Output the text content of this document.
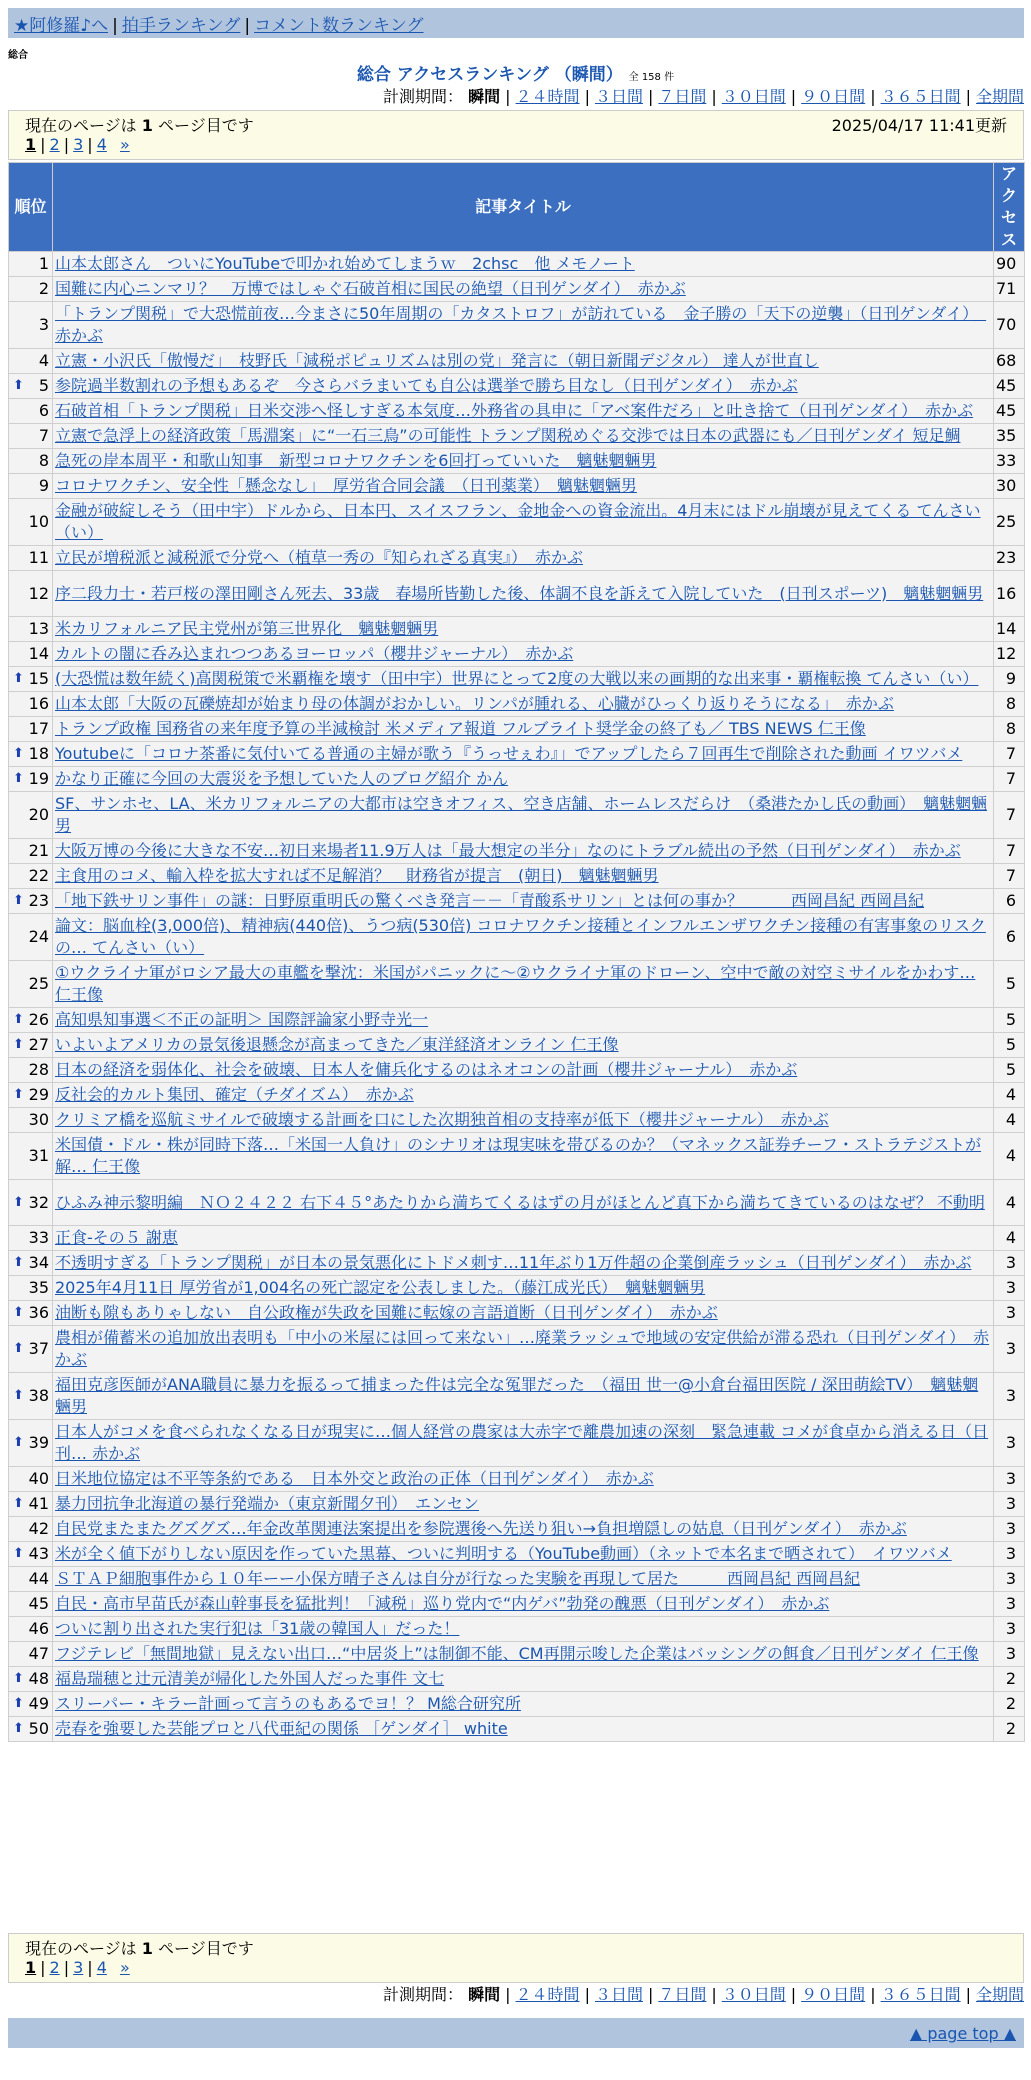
★阿修羅♪へ | 拍手ランキング | コメント数ランキング
総合
総合 アクセスランキング （瞬間） 全 158 件
計測期間： 瞬間 | ２４時間 | ３日間 | ７日間 | ３０日間 | ９０日間 | ３６５日間 | 全期間
現在のページは 1 ページ目です	2025/04/17 11:41更新
1 | 2 | 3 | 4 »
順位	記事タイトル	アクセス
1	山本太郎さん　ついにYouTubeで叩かれ始めてしまうｗ　2chsc　他 メモノート	90
2	国難に内心ニンマリ？　万博ではしゃぐ石破首相に国民の絶望（日刊ゲンダイ）　赤かぶ	71
3	「トランプ関税」で大恐慌前夜…今まさに50年周期の「カタストロフ」が訪れている　金子勝の「天下の逆襲」（日刊ゲンダイ）　赤かぶ	70
4	立憲・小沢氏「傲慢だ」　枝野氏「減税ポピュリズムは別の党」発言に（朝日新聞デジタル） 達人が世直し	68

⬆ 5	参院過半数割れの予想もあるぞ　今さらバラまいても自公は選挙で勝ち目なし（日刊ゲンダイ）　赤かぶ	45
6	石破首相「トランプ関税」日米交渉へ怪しすぎる本気度…外務省の具申に「アベ案件だろ」と吐き捨て（日刊ゲンダイ）　赤かぶ	45
7	立憲で急浮上の経済政策「馬淵案」に“一石三鳥”の可能性 トランプ関税めぐる交渉では日本の武器にも／日刊ゲンダイ 短足鯛	35
8	急死の岸本周平・和歌山知事　新型コロナワクチンを6回打っていいた　魑魅魍魎男	33
9	コロナワクチン、安全性「懸念なし」　厚労省合同会議　（日刊薬業）　魑魅魍魎男	30
10	金融が破綻しそう（田中宇）ドルから、日本円、スイスフラン、金地金への資金流出。4月末にはドル崩壊が見えてくる てんさい（い）	25
11	立民が増税派と減税派で分党へ（植草一秀の『知られざる真実』）　赤かぶ	23
12	序二段力士・若戸桜の澤田剛さん死去、33歳　春場所皆勤した後、体調不良を訴えて入院していた　(日刊スポーツ)　魑魅魍魎男	16
13	米カリフォルニア民主党州が第三世界化　魑魅魍魎男	14
14	カルトの闇に呑み込まれつつあるヨーロッパ（櫻井ジャーナル）　赤かぶ	12

⬆ 15	(大恐慌は数年続く)高関税策で米覇権を壊す（田中宇）世界にとって2度の大戦以来の画期的な出来事・覇権転換 てんさい（い）	9
16	山本太郎「大阪の瓦礫焼却が始まり母の体調がおかしい。リンパが腫れる、心臓がひっくり返りそうになる」　赤かぶ	8
17	トランプ政権 国務省の来年度予算の半減検討 米メディア報道 フルブライト奨学金の終了も／ TBS NEWS 仁王像	8

⬆ 18	Youtubeに「コロナ茶番に気付いてる普通の主婦が歌う『うっせぇわ』」でアップしたら７回再生で削除された動画 イワツバメ	7

⬆ 19	かなり正確に今回の大震災を予想していた人のブログ紹介 かん	7
20	SF、サンホセ、LA、米カリフォルニアの大都市は空きオフィス、空き店舗、ホームレスだらけ　（桑港たかし氏の動画）　魑魅魍魎男	7
21	大阪万博の今後に大きな不安…初日来場者11.9万人は「最大想定の半分」なのにトラブル続出の予然（日刊ゲンダイ）　赤かぶ	7
22	主食用のコメ、輸入枠を拡大すれば不足解消？　財務省が提言　(朝日)　魑魅魍魎男	7

⬆ 23	「地下鉄サリン事件」の謎：日野原重明氏の驚くべき発言－－「青酸系サリン」とは何の事か？　　　西岡昌紀 西岡昌紀	6
24	論文：脳血栓(3,000倍)、精神病(440倍)、うつ病(530倍) コロナワクチン接種とインフルエンザワクチン接種の有害事象のリスクの… てんさい（い）	6
25	①ウクライナ軍がロシア最大の車艦を撃沈：米国がパニックに〜②ウクライナ軍のドローン、空中で敵の対空ミサイルをかわす… 仁王像	5

⬆ 26	高知県知事選＜不正の証明＞ 国際評論家小野寺光一	5

⬆ 27	いよいよアメリカの景気後退懸念が高まってきた／東洋経済オンライン 仁王像	5
28	日本の経済を弱体化、社会を破壊、日本人を傭兵化するのはネオコンの計画（櫻井ジャーナル）　赤かぶ	5

⬆ 29	反社会的カルト集団、確定（チダイズム）　赤かぶ	4
30	クリミア橋を巡航ミサイルで破壊する計画を口にした次期独首相の支持率が低下（櫻井ジャーナル）　赤かぶ	4
31	米国債・ドル・株が同時下落…「米国一人負け」のシナリオは現実味を帯びるのか？（マネックス証券チーフ・ストラテジストが解… 仁王像	4

⬆ 32	ひふみ神示黎明編　ＮＯ２４２２ 右下４５°あたりから満ちてくるはずの月がほとんど真下から満ちてきているのはなぜ？ 不動明	4
33	正食-その５ 謝恵	4

⬆ 34	不透明すぎる「トランプ関税」が日本の景気悪化にトドメ刺す…11年ぶり1万件超の企業倒産ラッシュ（日刊ゲンダイ）　赤かぶ	3
35	2025年4月11日 厚労省が1,004名の死亡認定を公表しました。（藤江成光氏）　魑魅魍魎男	3

⬆ 36	油断も隙もありゃしない　自公政権が失政を国難に転嫁の言語道断（日刊ゲンダイ）　赤かぶ	3

⬆ 37	農相が備蓄米の追加放出表明も「中小の米屋には回って来ない」…廃業ラッシュで地域の安定供給が滞る恐れ（日刊ゲンダイ）　赤かぶ	3

⬆ 38	福田克彦医師がANA職員に暴力を振るって捕まった件は完全な冤罪だった　（福田 世一@小倉台福田医院 / 深田萌絵TV）　魑魅魍魎男	3

⬆ 39	日本人がコメを食べられなくなる日が現実に…個人経営の農家は大赤字で離農加速の深刻　緊急連載 コメが食卓から消える日（日刊… 赤かぶ	3
40	日米地位協定は不平等条約である　日本外交と政治の正体（日刊ゲンダイ）　赤かぶ	3

⬆ 41	暴力団抗争北海道の暴行発端か（東京新聞夕刊）　エンセン	3
42	自民党またまたグズグズ…年金改革関連法案提出を参院選後へ先送り狙い→負担増隠しの姑息（日刊ゲンダイ）　赤かぶ	3

⬆ 43	米が全く値下がりしない原因を作っていた黒幕、ついに判明する（YouTube動画）（ネットで本名まで晒されて）　イワツバメ	3
44	ＳＴＡＰ細胞事件から１０年ーー小保方晴子さんは自分が行なった実験を再現して居た　　　西岡昌紀 西岡昌紀	3
45	自民・高市早苗氏が森山幹事長を猛批判！「減税」巡り党内で“内ゲバ”勃発の醜悪（日刊ゲンダイ）　赤かぶ	3
46	ついに割り出された実行犯は「31歳の韓国人」だった！	3
47	フジテレビ「無間地獄」見えない出口…“中居炎上”は制御不能、CM再開示唆した企業はバッシングの餌食／日刊ゲンダイ 仁王像	3

⬆ 48	福島瑞穂と辻元清美が帰化した外国人だった事件 文七	2

⬆ 49	スリーパー・キラー計画って言うのもあるでヨ！？ M総合研究所	2

⬆ 50	売春を強要した芸能プロと八代亜紀の関係 ［ゲンダイ］ white	2
現在のページは 1 ページ目です
1 | 2 | 3 | 4 »
計測期間： 瞬間 | ２４時間 | ３日間 | ７日間 | ３０日間 | ９０日間 | ３６５日間 | 全期間
▲ page top ▲
